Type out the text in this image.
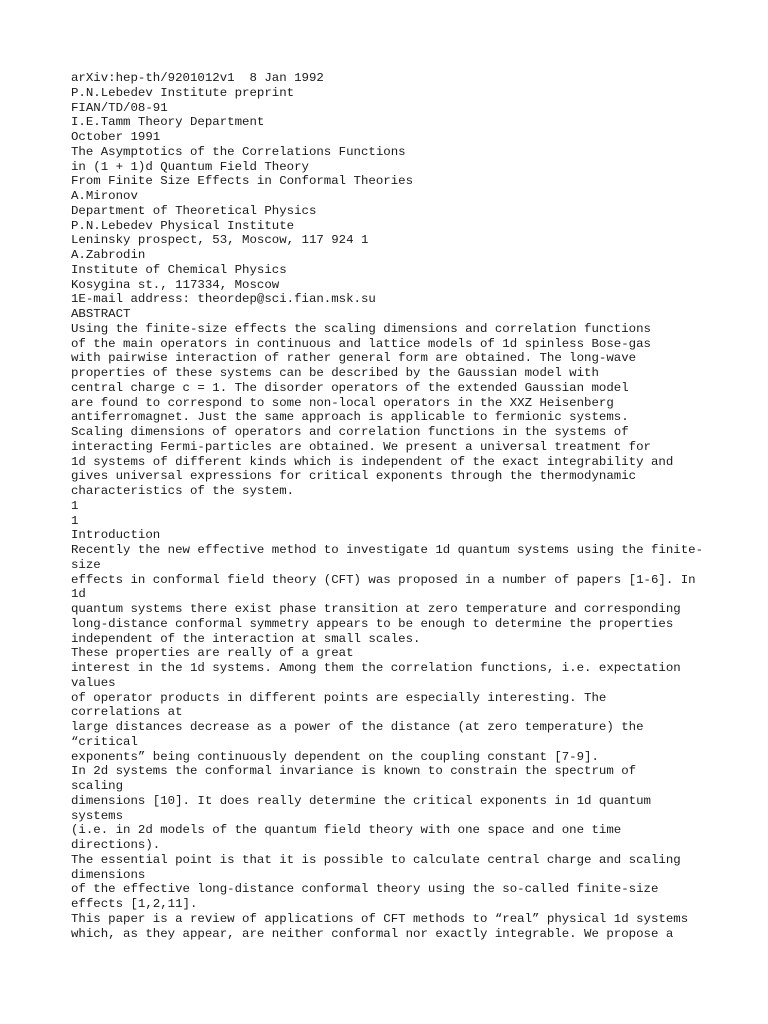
arXiv:hep-th/9201012v1  8 Jan 1992
P.N.Lebedev Institute preprint
FIAN/TD/08-91
I.E.Tamm Theory Department
October 1991
The Asymptotics of the Correlations Functions
in (1 + 1)d Quantum Field Theory
From Finite Size Effects in Conformal Theories
A.Mironov
Department of Theoretical Physics
P.N.Lebedev Physical Institute
Leninsky prospect, 53, Moscow, 117 924 1
A.Zabrodin
Institute of Chemical Physics
Kosygina st., 117334, Moscow
1E-mail address: theordep@sci.fian.msk.su
ABSTRACT
Using the finite-size effects the scaling dimensions and correlation functions
of the main operators in continuous and lattice models of 1d spinless Bose-gas
with pairwise interaction of rather general form are obtained. The long-wave
properties of these systems can be described by the Gaussian model with
central charge c = 1. The disorder operators of the extended Gaussian model
are found to correspond to some non-local operators in the XXZ Heisenberg
antiferromagnet. Just the same approach is applicable to fermionic systems.
Scaling dimensions of operators and correlation functions in the systems of
interacting Fermi-particles are obtained. We present a universal treatment for
1d systems of different kinds which is independent of the exact integrability and
gives universal expressions for critical exponents through the thermodynamic
characteristics of the system.
1
1
Introduction
Recently the new effective method to investigate 1d quantum systems using the finite-
size
effects in conformal field theory (CFT) was proposed in a number of papers [1-6]. In
1d
quantum systems there exist phase transition at zero temperature and corresponding
long-distance conformal symmetry appears to be enough to determine the properties
independent of the interaction at small scales.
These properties are really of a great
interest in the 1d systems. Among them the correlation functions, i.e. expectation
values
of operator products in different points are especially interesting. The
correlations at
large distances decrease as a power of the distance (at zero temperature) the
“critical
exponents” being continuously dependent on the coupling constant [7-9].
In 2d systems the conformal invariance is known to constrain the spectrum of
scaling
dimensions [10]. It does really determine the critical exponents in 1d quantum
systems
(i.e. in 2d models of the quantum field theory with one space and one time
directions).
The essential point is that it is possible to calculate central charge and scaling
dimensions
of the effective long-distance conformal theory using the so-called finite-size
effects [1,2,11].
This paper is a review of applications of CFT methods to “real” physical 1d systems
which, as they appear, are neither conformal nor exactly integrable. We propose a
